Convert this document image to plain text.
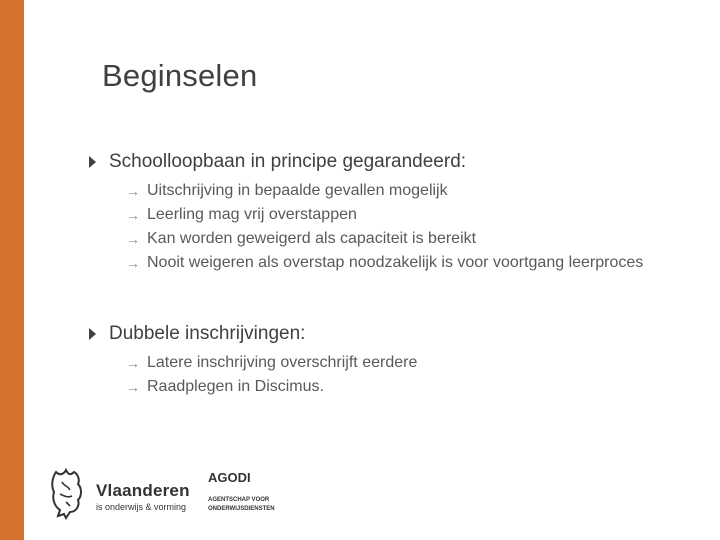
Beginselen
Schoolloopbaan in principe gegarandeerd:
→ Uitschrijving in bepaalde gevallen mogelijk
→ Leerling mag vrij overstappen
→ Kan worden geweigerd als capaciteit is bereikt
→ Nooit weigeren als overstap noodzakelijk is voor voortgang leerproces
Dubbele inschrijvingen:
→ Latere inschrijving overschrijft eerdere
→ Raadplegen in Discimus.
Vlaanderen
is onderwijs & vorming
AGODI
AGENTSCHAP VOOR ONDERWIJSDIENSTEN
